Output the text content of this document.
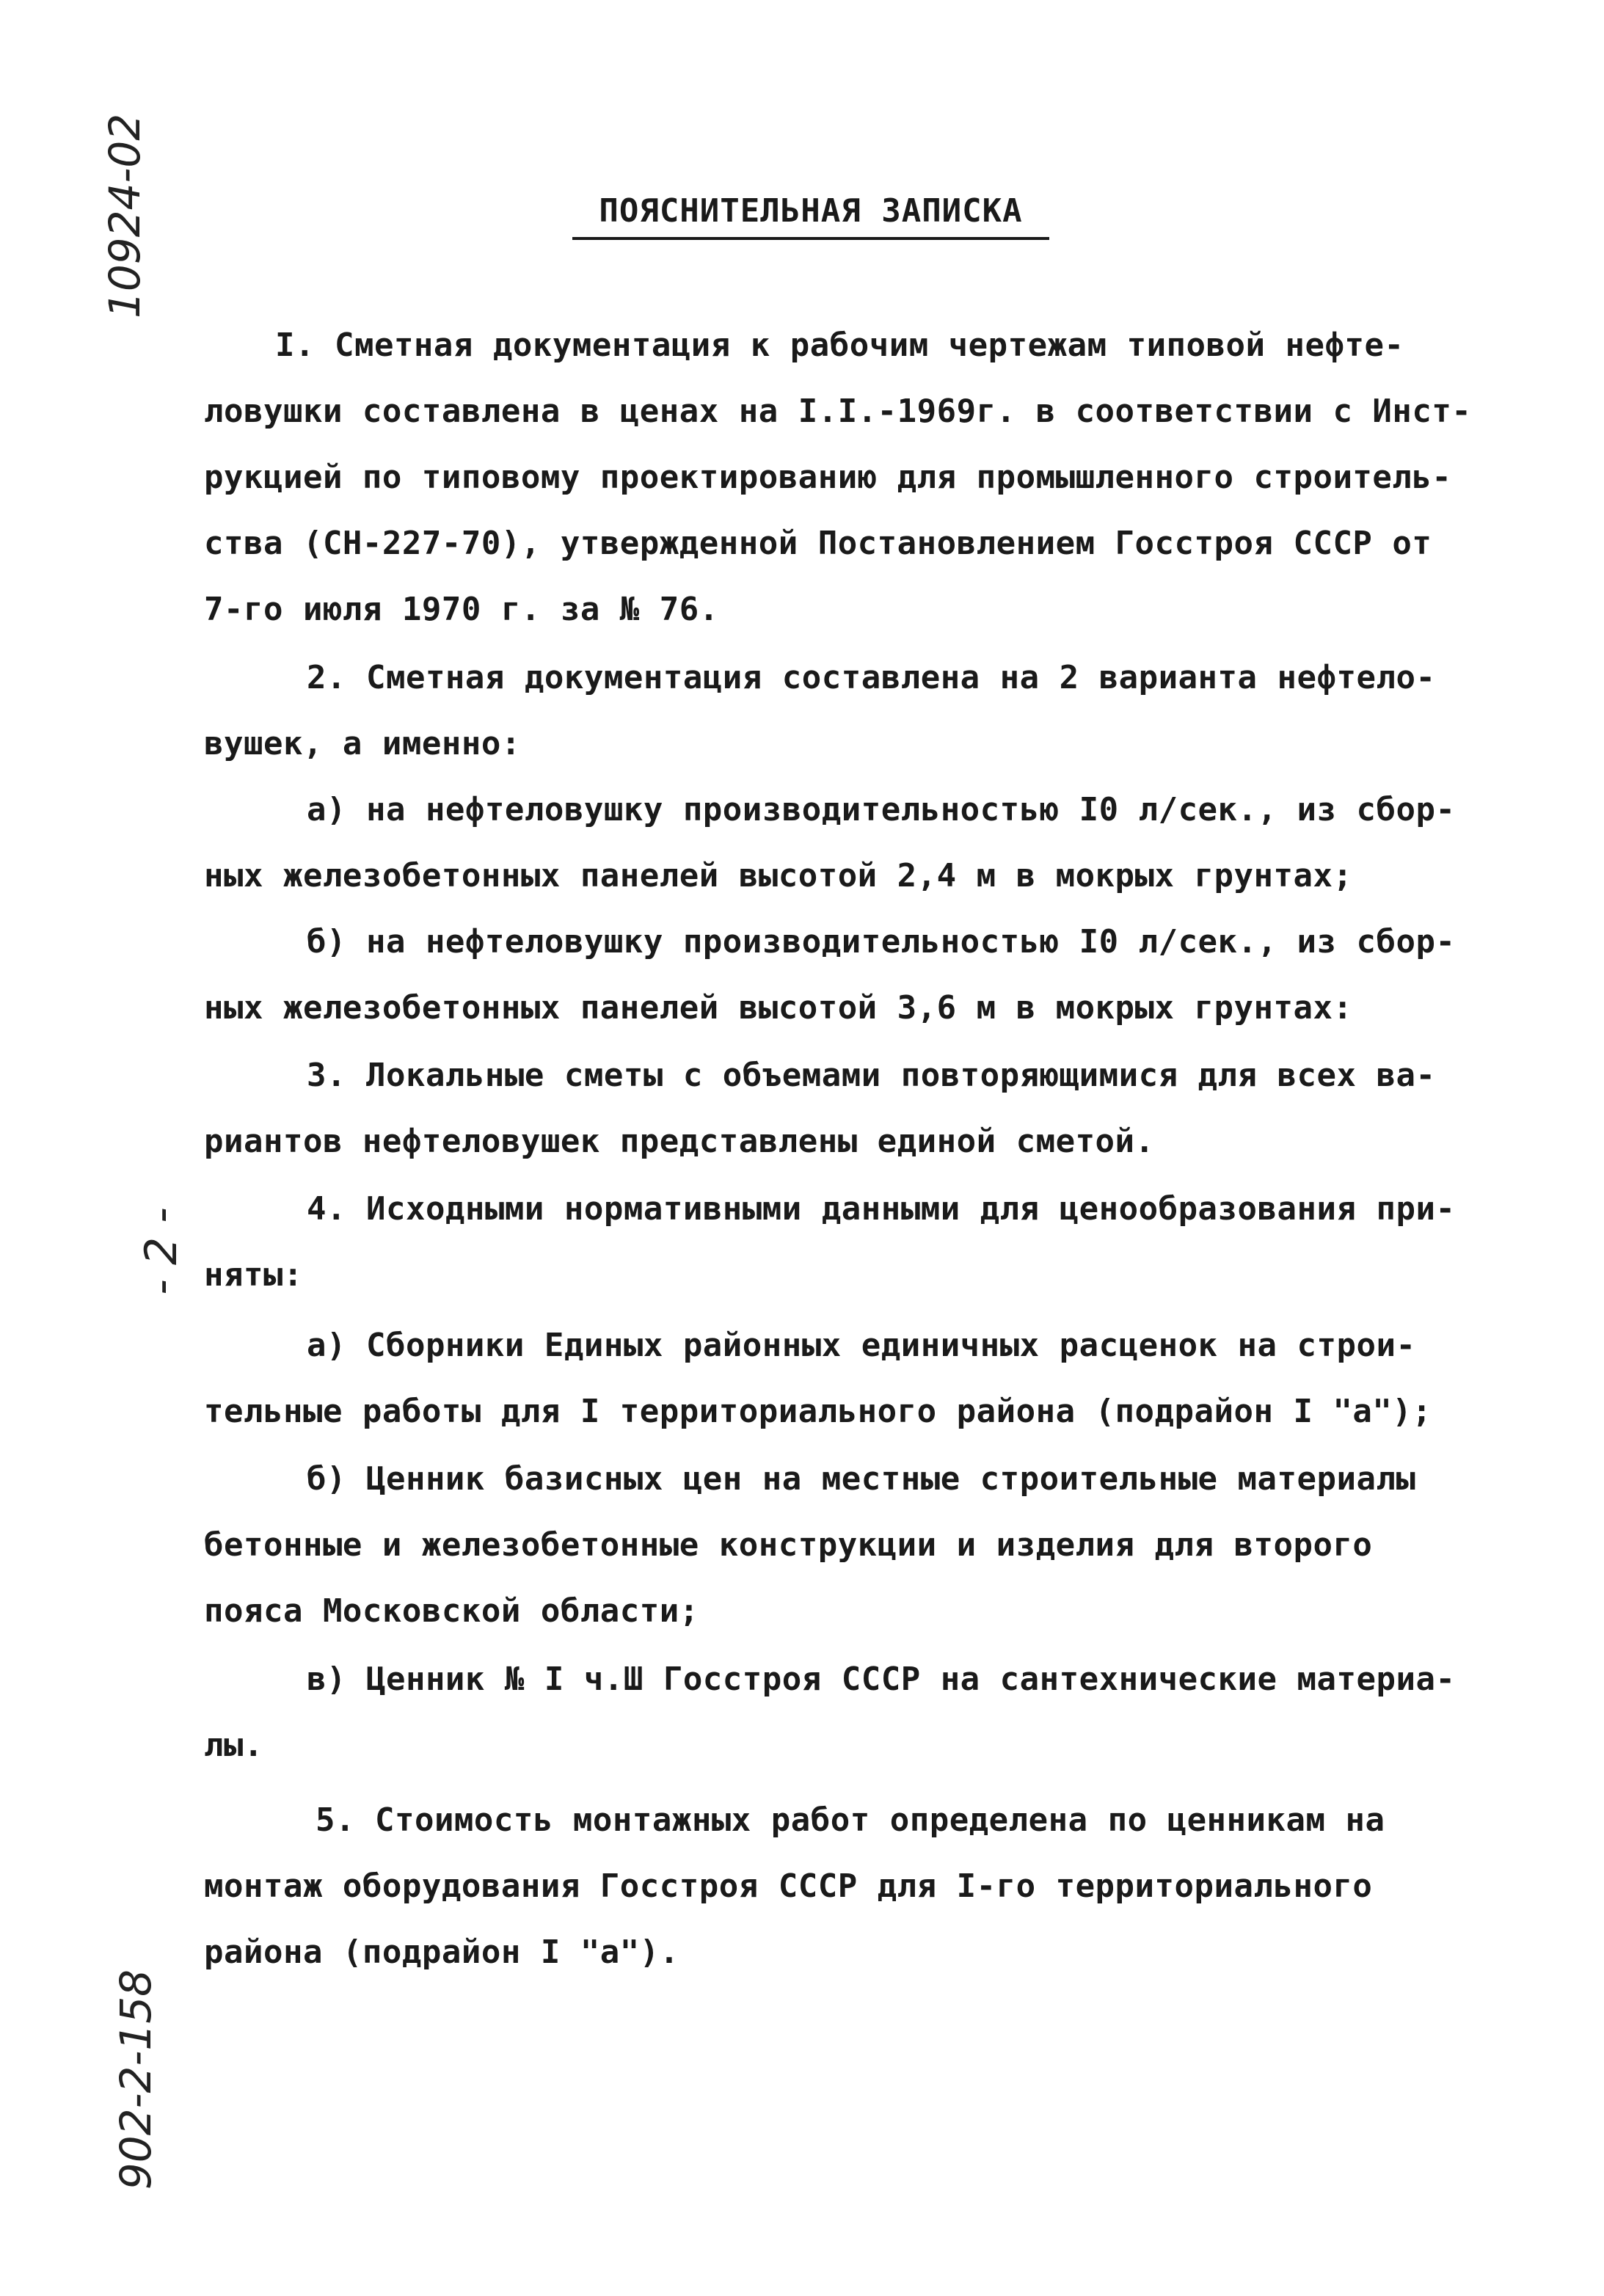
10924-02
- 2 -
902-2-158
ПОЯСНИТЕЛЬНАЯ ЗАПИСКА
I. Сметная документация к рабочим чертежам типовой нефте-
ловушки составлена в ценах на I.I.-1969г. в соответствии с Инст-
рукцией по типовому проектированию для промышленного строитель-
ства (СН-227-70), утвержденной Постановлением Госстроя СССР от
7-го июля 1970 г. за № 76.
2. Сметная документация составлена на 2 варианта нефтело-
вушек, а именно:
а) на нефтеловушку производительностью I0 л/сек., из сбор-
ных железобетонных панелей высотой 2,4 м в мокрых грунтах;
б) на нефтеловушку производительностью I0 л/сек., из сбор-
ных железобетонных панелей высотой 3,6 м в мокрых грунтах:
3. Локальные сметы с объемами повторяющимися для всех ва-
риантов нефтеловушек представлены единой сметой.
4. Исходными нормативными данными для ценообразования при-
няты:
а) Сборники Единых районных единичных расценок на строи-
тельные работы для I территориального района (подрайон I "а");
б) Ценник базисных цен на местные строительные материалы
бетонные и железобетонные конструкции и изделия для второго
пояса Московской области;
в) Ценник № I ч.Ш Госстроя СССР на сантехнические материа-
лы.
5. Стоимость монтажных работ определена по ценникам на
монтаж оборудования Госстроя СССР для I-го территориального
района (подрайон I "а").
